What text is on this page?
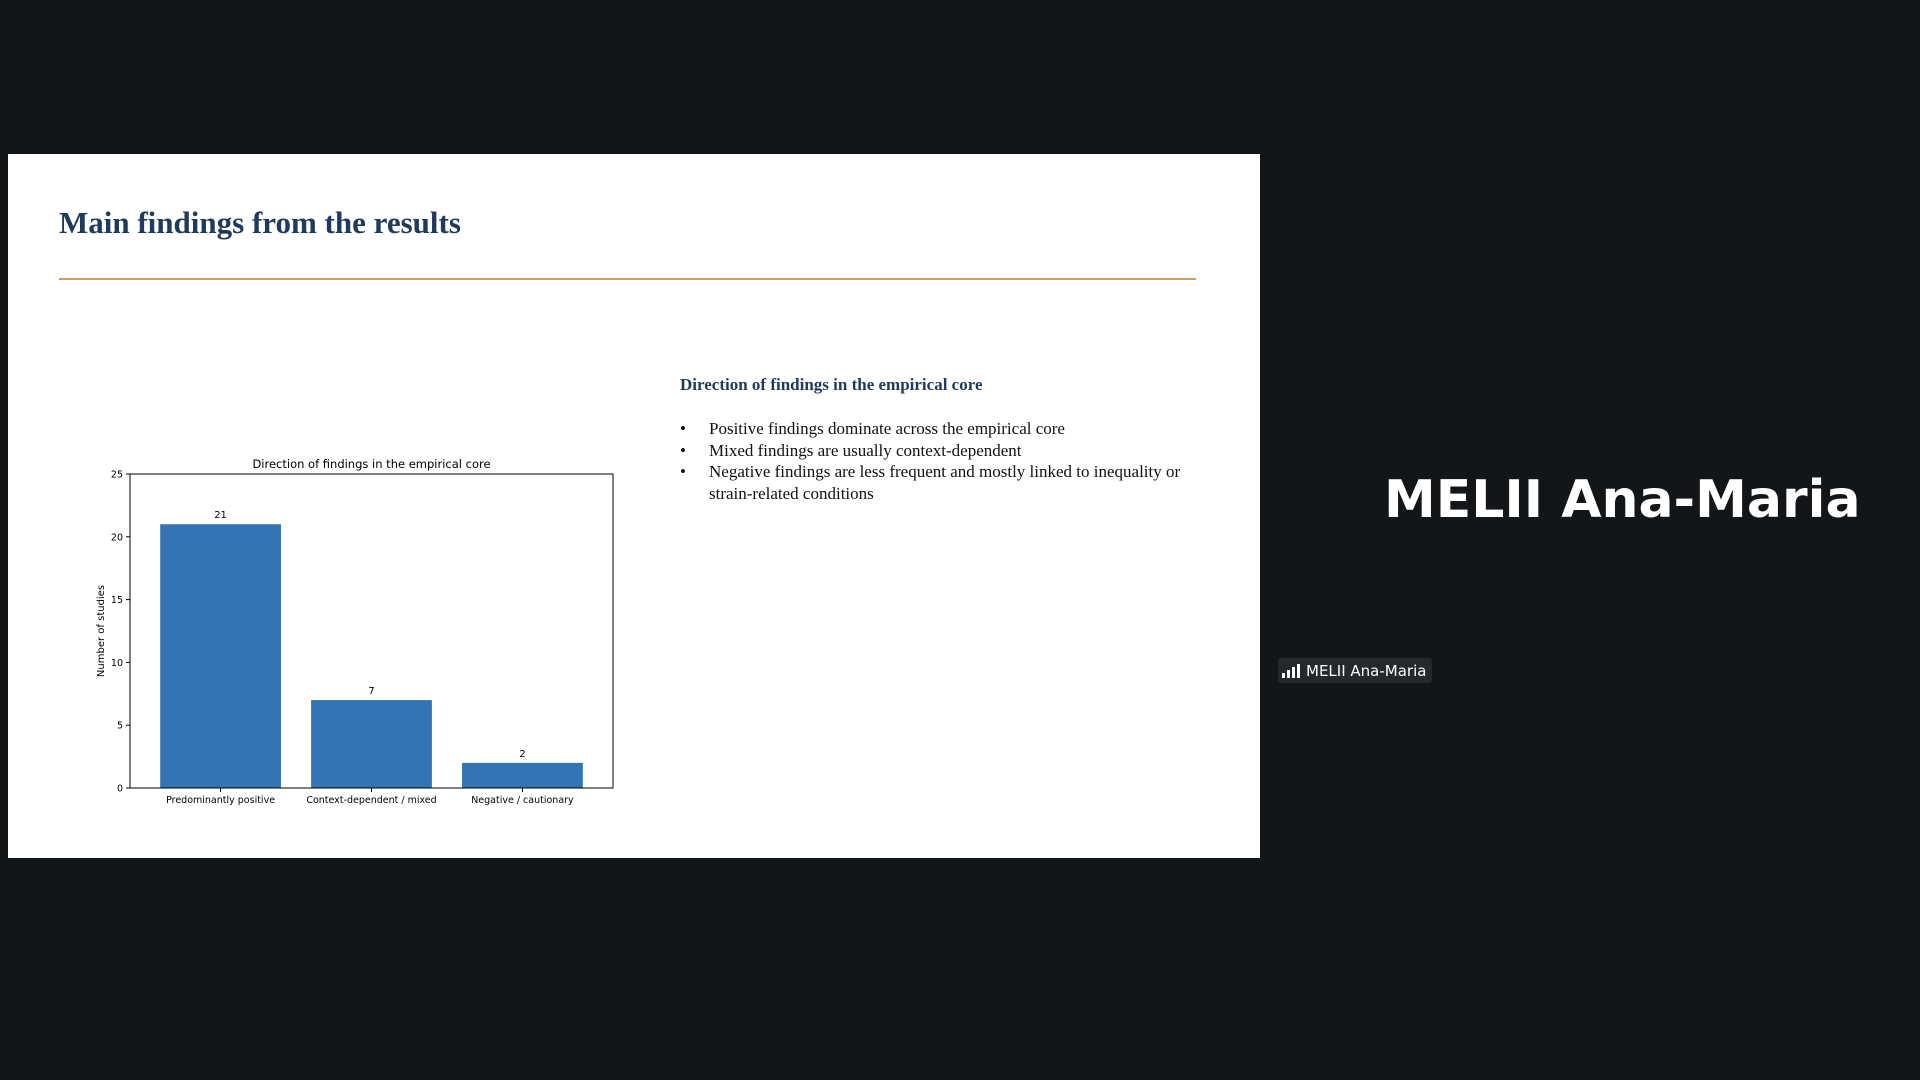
Main findings from the results
Direction of findings in the empirical core
Number of studies
21
Predominantly positive
7
Context-dependent / mixed
2
Negative / cautionary
0
5
10
15
20
25
Direction of findings in the empirical core
• Positive findings dominate across the empirical core
• Mixed findings are usually context-dependent
• Negative findings are less frequent and mostly linked to inequality or strain-related conditions	MELII Ana-Maria
MELII Ana-Maria
